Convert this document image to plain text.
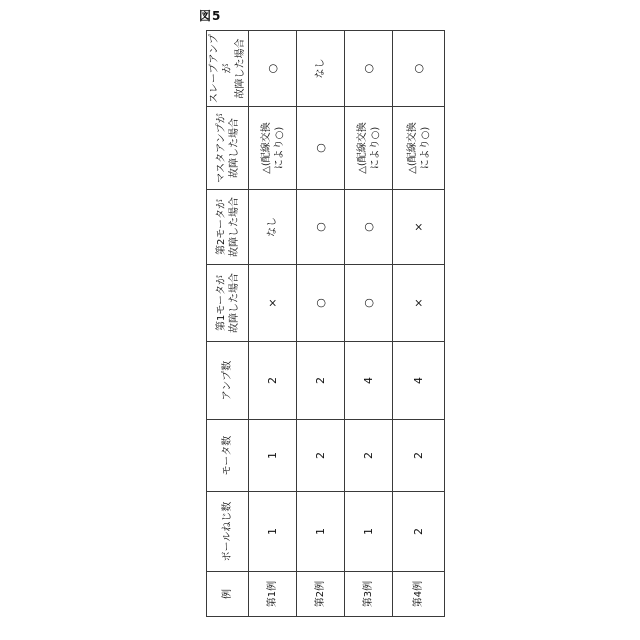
図5
例	ボールねじ数	モータ数	アンプ数	第1モータが 故障した場合	第2モータが 故障した場合	マスタアンプが 故障した場合	スレーブアンプが 故障した場合

第1例	1	1	2	×	なし	△(配線交換 により○)	○

第2例	1	2	2	○	○	○	なし

第3例	1	2	4	○	○	△(配線交換 により○)	○

第4例	2	2	4	×	×	△(配線交換 により○)	○
